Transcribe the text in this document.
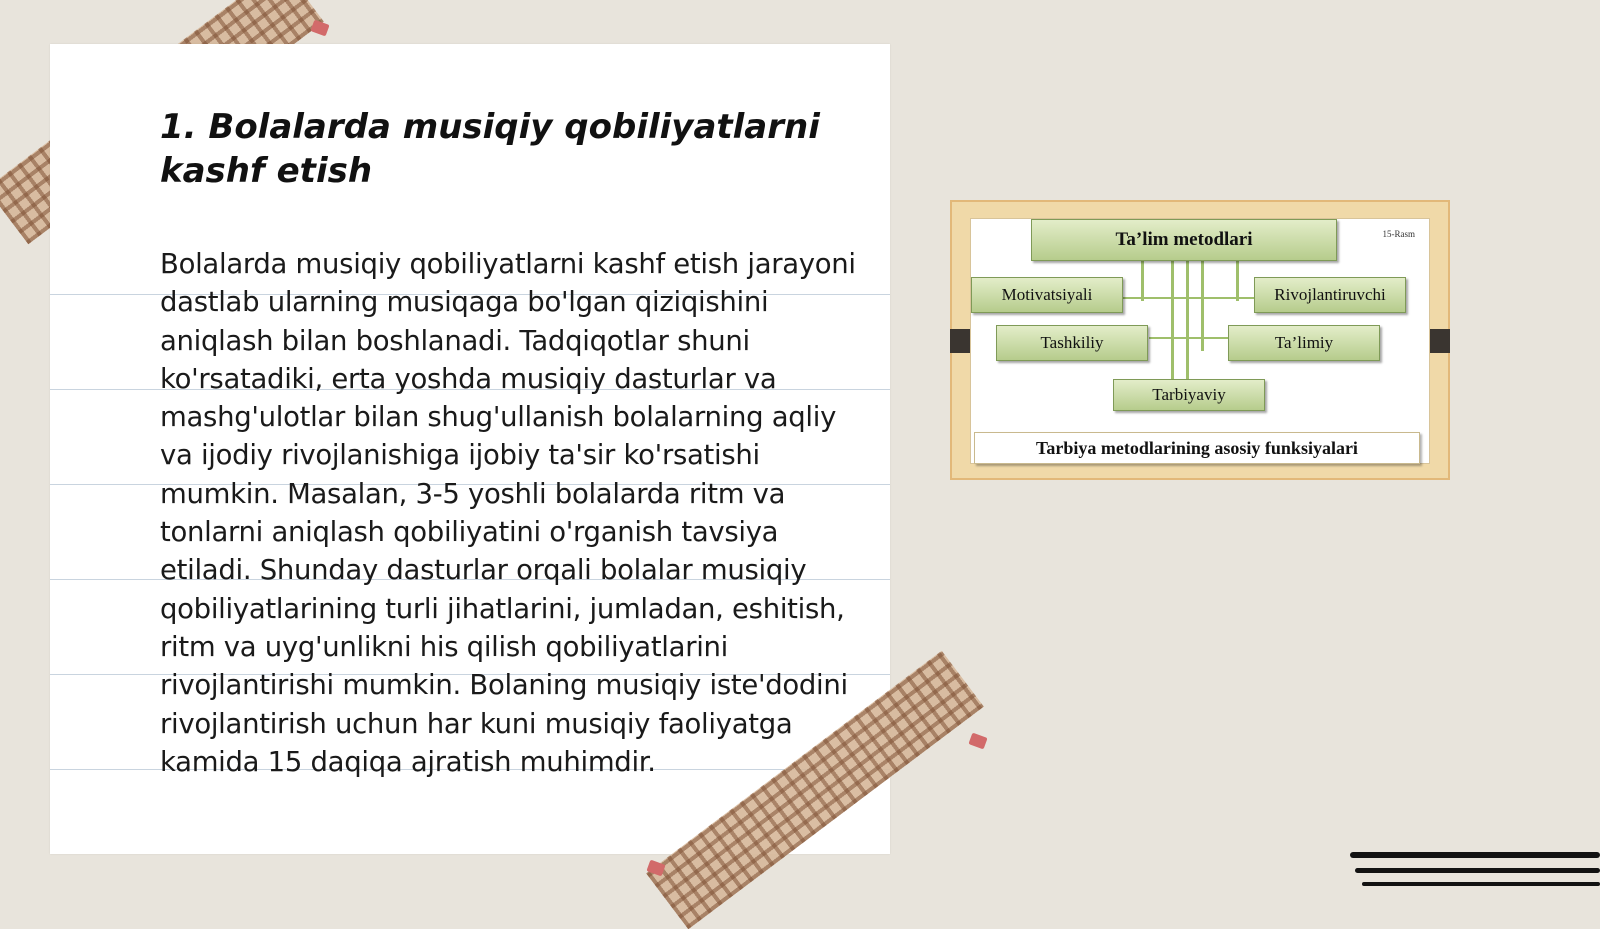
1. Bolalarda musiqiy qobiliyatlarni kashf etish

Bolalarda musiqiy qobiliyatlarni kashf etish jarayoni dastlab ularning musiqaga bo'lgan qiziqishini aniqlash bilan boshlanadi. Tadqiqotlar shuni ko'rsatadiki, erta yoshda musiqiy dasturlar va mashg'ulotlar bilan shug'ullanish bolalarning aqliy va ijodiy rivojlanishiga ijobiy ta'sir ko'rsatishi mumkin. Masalan, 3-5 yoshli bolalarda ritm va tonlarni aniqlash qobiliyatini o'rganish tavsiya etiladi. Shunday dasturlar orqali bolalar musiqiy qobiliyatlarining turli jihatlarini, jumladan, eshitish, ritm va uyg'unlikni his qilish qobiliyatlarini rivojlantirishi mumkin. Bolaning musiqiy iste'dodini rivojlantirish uchun har kuni musiqiy faoliyatga kamida 15 daqiqa ajratish muhimdir.

15-Rasm
Ta’lim metodlari
Motivatsiyali	Rivojlantiruvchi
Tashkiliy	Ta’limiy
Tarbiyaviy
Tarbiya metodlarining asosiy funksiyalari
